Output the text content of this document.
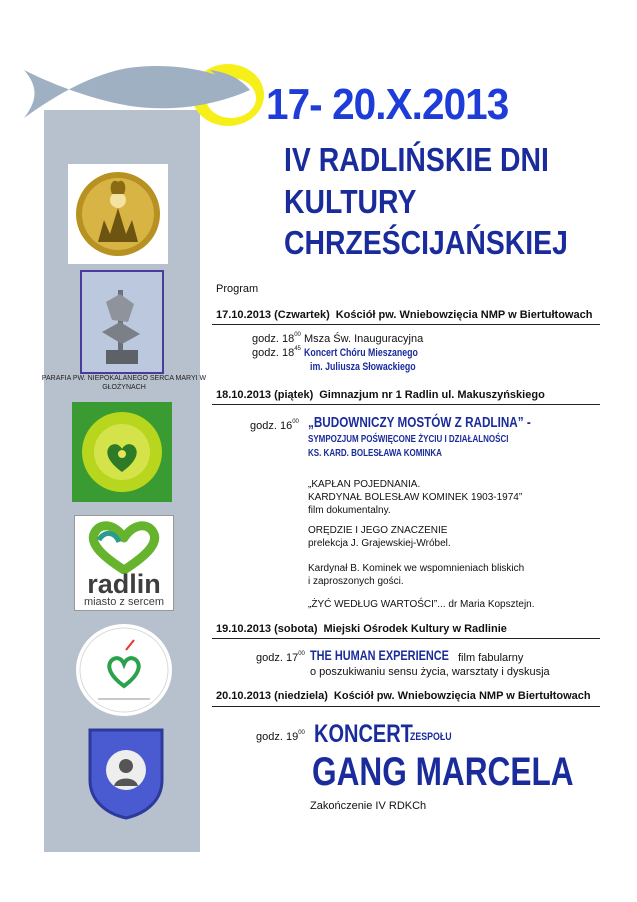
17- 20.X.2013
IV RADLIŃSKIE DNI
KULTURY
CHRZEŚCIJAŃSKIEJ
PARAFIA PW. NIEPOKALANEGO SERCA MARYI W GŁOŻYNACH
radlin
miasto z sercem
Program
17.10.2013 (Czwartek) Kościół pw. Wniebowzięcia NMP w Biertułtowach
godz. $18^{00}$ Msza Św. Inauguracyjna
godz. $18^{45}$ Koncert Chóru Mieszanego
im. Juliusza Słowackiego
18.10.2013 (piątek) Gimnazjum nr 1 Radlin ul. Makuszyńskiego
godz. $16^{00}$ „BUDOWNICZY MOSTÓW Z RADLINA” -
SYMPOZJUM POŚWIĘCONE ŻYCIU I DZIAŁALNOŚCI
KS. KARD. BOLESŁAWA KOMINKA
„KAPŁAN POJEDNANIA.
KARDYNAŁ BOLESŁAW KOMINEK 1903-1974”
film dokumentalny.
ORĘDZIE I JEGO ZNACZENIE
prelekcja J. Grajewskiej-Wróbel.
Kardynał B. Kominek we wspomnieniach bliskich
i zaproszonych gości.
„ŻYĆ WEDŁUG WARTOŚCI”... dr Maria Kopsztejn.
19.10.2013 (sobota) Miejski Ośrodek Kultury w Radlinie
godz. $17^{00}$ THE HUMAN EXPERIENCE film fabularny
o poszukiwaniu sensu życia, warsztaty i dyskusja
20.10.2013 (niedziela) Kościół pw. Wniebowzięcia NMP w Biertułtowach
godz. $19^{00}$ KONCERT
ZESPOŁU
GANG MARCELA
Zakończenie IV RDKCh
